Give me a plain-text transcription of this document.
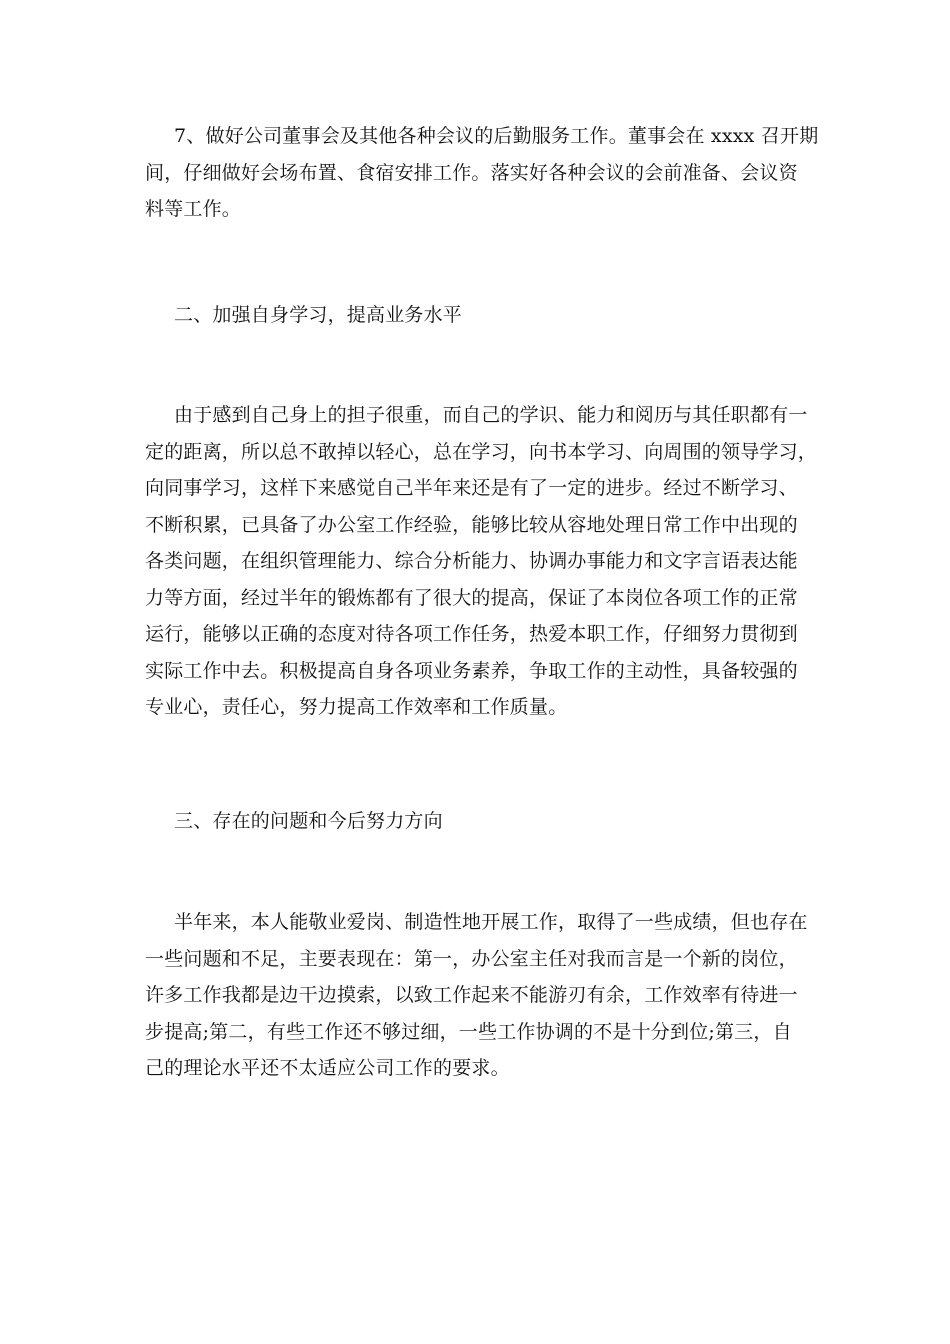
7、做好公司董事会及其他各种会议的后勤服务工作。董事会在 xxxx 召开期
间，仔细做好会场布置、食宿安排工作。落实好各种会议的会前准备、会议资
料等工作。

二、加强自身学习，提高业务水平

由于感到自己身上的担子很重，而自己的学识、能力和阅历与其任职都有一
定的距离，所以总不敢掉以轻心，总在学习，向书本学习、向周围的领导学习，
向同事学习，这样下来感觉自己半年来还是有了一定的进步。经过不断学习、
不断积累，已具备了办公室工作经验，能够比较从容地处理日常工作中出现的
各类问题，在组织管理能力、综合分析能力、协调办事能力和文字言语表达能
力等方面，经过半年的锻炼都有了很大的提高，保证了本岗位各项工作的正常
运行，能够以正确的态度对待各项工作任务，热爱本职工作，仔细努力贯彻到
实际工作中去。积极提高自身各项业务素养，争取工作的主动性，具备较强的
专业心，责任心，努力提高工作效率和工作质量。

三、存在的问题和今后努力方向

半年来，本人能敬业爱岗、制造性地开展工作，取得了一些成绩，但也存在
一些问题和不足，主要表现在：第一，办公室主任对我而言是一个新的岗位，
许多工作我都是边干边摸索，以致工作起来不能游刃有余，工作效率有待进一
步提高;第二，有些工作还不够过细，一些工作协调的不是十分到位;第三，自
己的理论水平还不太适应公司工作的要求。
